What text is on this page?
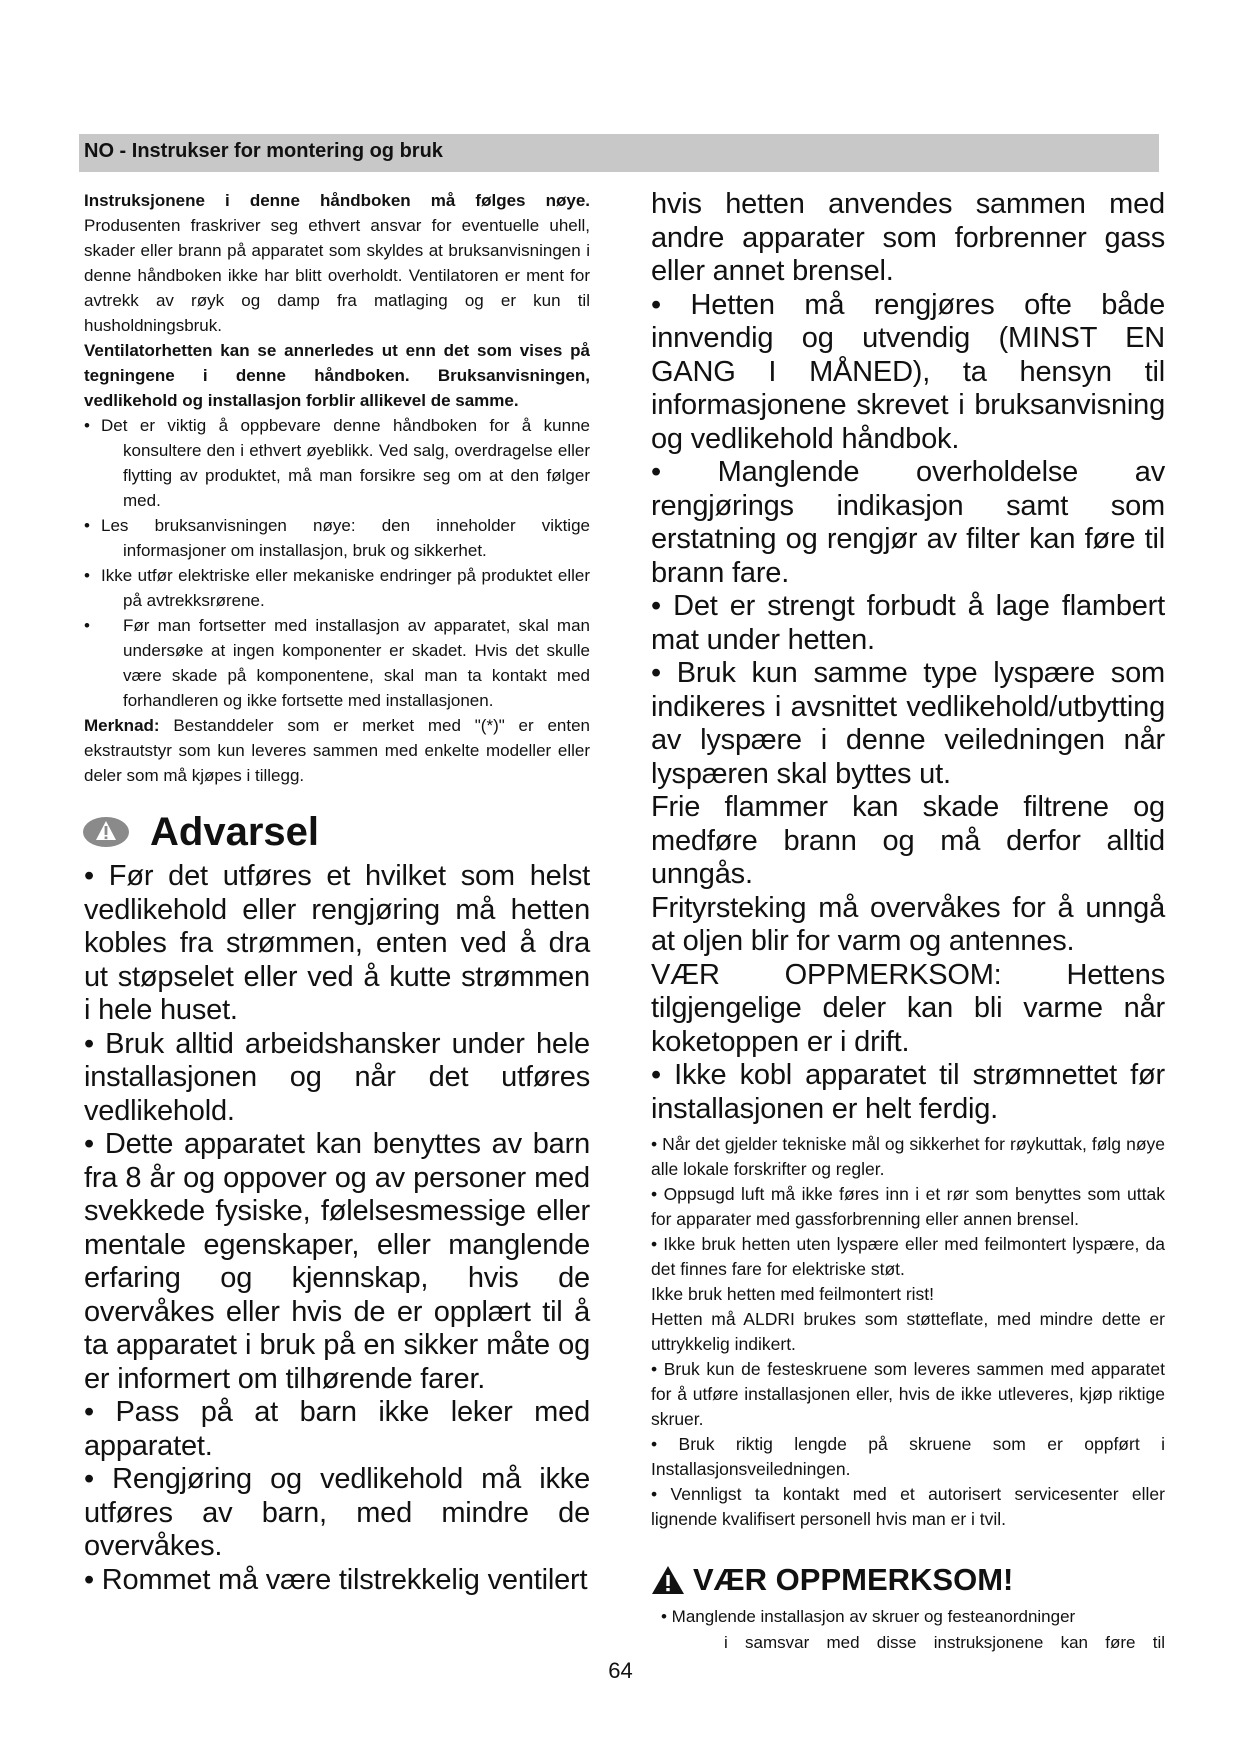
NO - Instrukser for montering og bruk

Instruksjonene i denne håndboken må følges nøye.

Produsenten fraskriver seg ethvert ansvar for eventuelle uhell, skader eller brann på apparatet som skyldes at bruksanvisningen i denne håndboken ikke har blitt overholdt. Ventilatoren er ment for avtrekk av røyk og damp fra matlaging og er kun til husholdningsbruk.

Ventilatorhetten kan se annerledes ut enn det som vises på tegningene i denne håndboken. Bruksanvisningen, vedlikehold og installasjon forblir allikevel de samme.

• Det er viktig å oppbevare denne håndboken for å kunne konsultere den i ethvert øyeblikk. Ved salg, overdragelse eller flytting av produktet, må man forsikre seg om at den følger med.
• Les bruksanvisningen nøye: den inneholder viktige informasjoner om installasjon, bruk og sikkerhet.
• Ikke utfør elektriske eller mekaniske endringer på produktet eller på avtrekksrørene.
• Før man fortsetter med installasjon av apparatet, skal man undersøke at ingen komponenter er skadet. Hvis det skulle være skade på komponentene, skal man ta kontakt med forhandleren og ikke fortsette med installasjonen.

Merknad: Bestanddeler som er merket med "(*)" er enten ekstrautstyr som kun leveres sammen med enkelte modeller eller deler som må kjøpes i tillegg.

Advarsel

• Før det utføres et hvilket som helst vedlikehold eller rengjøring må hetten kobles fra strømmen, enten ved å dra ut støpselet eller ved å kutte strømmen i hele huset.

• Bruk alltid arbeidshansker under hele installasjonen og når det utføres vedlikehold.

• Dette apparatet kan benyttes av barn fra 8 år og oppover og av personer med svekkede fysiske, følelsesmessige eller mentale egenskaper, eller manglende erfaring og kjennskap, hvis de overvåkes eller hvis de er opplært til å ta apparatet i bruk på en sikker måte og er informert om tilhørende farer.

• Pass på at barn ikke leker med apparatet.

• Rengjøring og vedlikehold må ikke utføres av barn, med mindre de overvåkes.

• Rommet må være tilstrekkelig ventilert

hvis hetten anvendes sammen med andre apparater som forbrenner gass eller annet brensel.

• Hetten må rengjøres ofte både innvendig og utvendig (MINST EN GANG I MÅNED), ta hensyn til informasjonene skrevet i bruksanvisning og vedlikehold håndbok.

• Manglende overholdelse av rengjørings indikasjon samt som erstatning og rengjør av filter kan føre til brann fare.

• Det er strengt forbudt å lage flambert mat under hetten.

• Bruk kun samme type lyspære som indikeres i avsnittet vedlikehold/utbytting av lyspære i denne veiledningen når lyspæren skal byttes ut.

Frie flammer kan skade filtrene og medføre brann og må derfor alltid unngås.

Frityrsteking må overvåkes for å unngå at oljen blir for varm og antennes.

VÆR OPPMERKSOM: Hettens tilgjengelige deler kan bli varme når koketoppen er i drift.

• Ikke kobl apparatet til strømnettet før installasjonen er helt ferdig.

• Når det gjelder tekniske mål og sikkerhet for røykuttak, følg nøye alle lokale forskrifter og regler.

• Oppsugd luft må ikke føres inn i et rør som benyttes som uttak for apparater med gassforbrenning eller annen brensel.

• Ikke bruk hetten uten lyspære eller med feilmontert lyspære, da det finnes fare for elektriske støt.

Ikke bruk hetten med feilmontert rist!

Hetten må ALDRI brukes som støtteflate, med mindre dette er uttrykkelig indikert.

• Bruk kun de festeskruene som leveres sammen med apparatet for å utføre installasjonen eller, hvis de ikke utleveres, kjøp riktige skruer.

• Bruk riktig lengde på skruene som er oppført i Installasjonsveiledningen.

• Vennligst ta kontakt med et autorisert servicesenter eller lignende kvalifisert personell hvis man er i tvil.

VÆR OPPMERKSOM!
• Manglende installasjon av skruer og festeanordninger
i samsvar med disse instruksjonene kan føre til
64
